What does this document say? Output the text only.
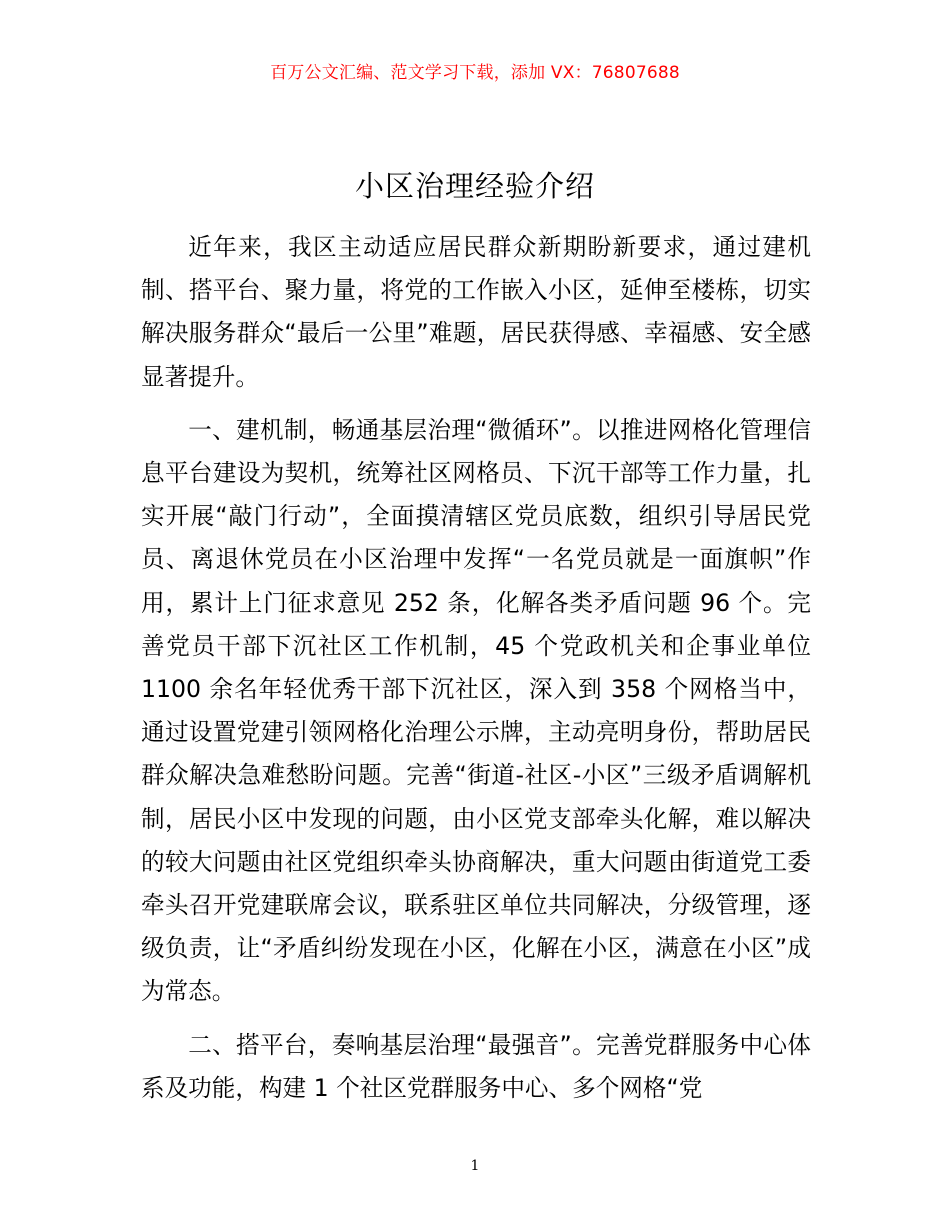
百万公文汇编、范文学习下载，添加 VX：76807688
小区治理经验介绍

近年来，我区主动适应居民群众新期盼新要求，通过建机制、搭平台、聚力量，将党的工作嵌入小区，延伸至楼栋，切实解决服务群众“最后一公里”难题，居民获得感、幸福感、安全感显著提升。

一、建机制，畅通基层治理“微循环”。以推进网格化管理信息平台建设为契机，统筹社区网格员、下沉干部等工作力量，扎实开展“敲门行动”，全面摸清辖区党员底数，组织引导居民党员、离退休党员在小区治理中发挥“一名党员就是一面旗帜”作用，累计上门征求意见 252 条，化解各类矛盾问题 96 个。完善党员干部下沉社区工作机制，45 个党政机关和企事业单位 1100 余名年轻优秀干部下沉社区，深入到 358 个网格当中，通过设置党建引领网格化治理公示牌，主动亮明身份，帮助居民群众解决急难愁盼问题。完善“街道-社区-小区”三级矛盾调解机制，居民小区中发现的问题，由小区党支部牵头化解，难以解决的较大问题由社区党组织牵头协商解决，重大问题由街道党工委牵头召开党建联席会议，联系驻区单位共同解决，分级管理，逐级负责，让“矛盾纠纷发现在小区，化解在小区，满意在小区”成为常态。

二、搭平台，奏响基层治理“最强音”。完善党群服务中心体系及功能，构建 1 个社区党群服务中心、多个网格“党

1
